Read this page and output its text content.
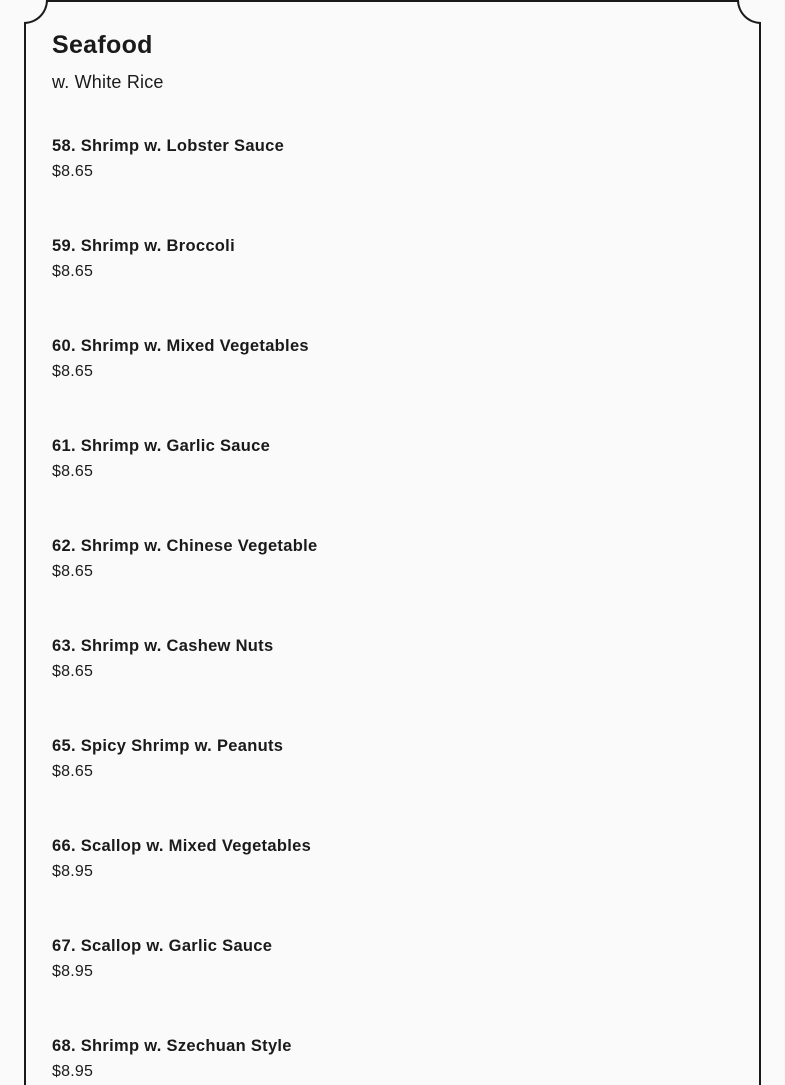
Seafood

w. White Rice

58. Shrimp w. Lobster Sauce
$8.65
59. Shrimp w. Broccoli
$8.65
60. Shrimp w. Mixed Vegetables
$8.65
61. Shrimp w. Garlic Sauce
$8.65
62. Shrimp w. Chinese Vegetable
$8.65
63. Shrimp w. Cashew Nuts
$8.65
65. Spicy Shrimp w. Peanuts
$8.65
66. Scallop w. Mixed Vegetables
$8.95
67. Scallop w. Garlic Sauce
$8.95
68. Shrimp w. Szechuan Style
$8.95
